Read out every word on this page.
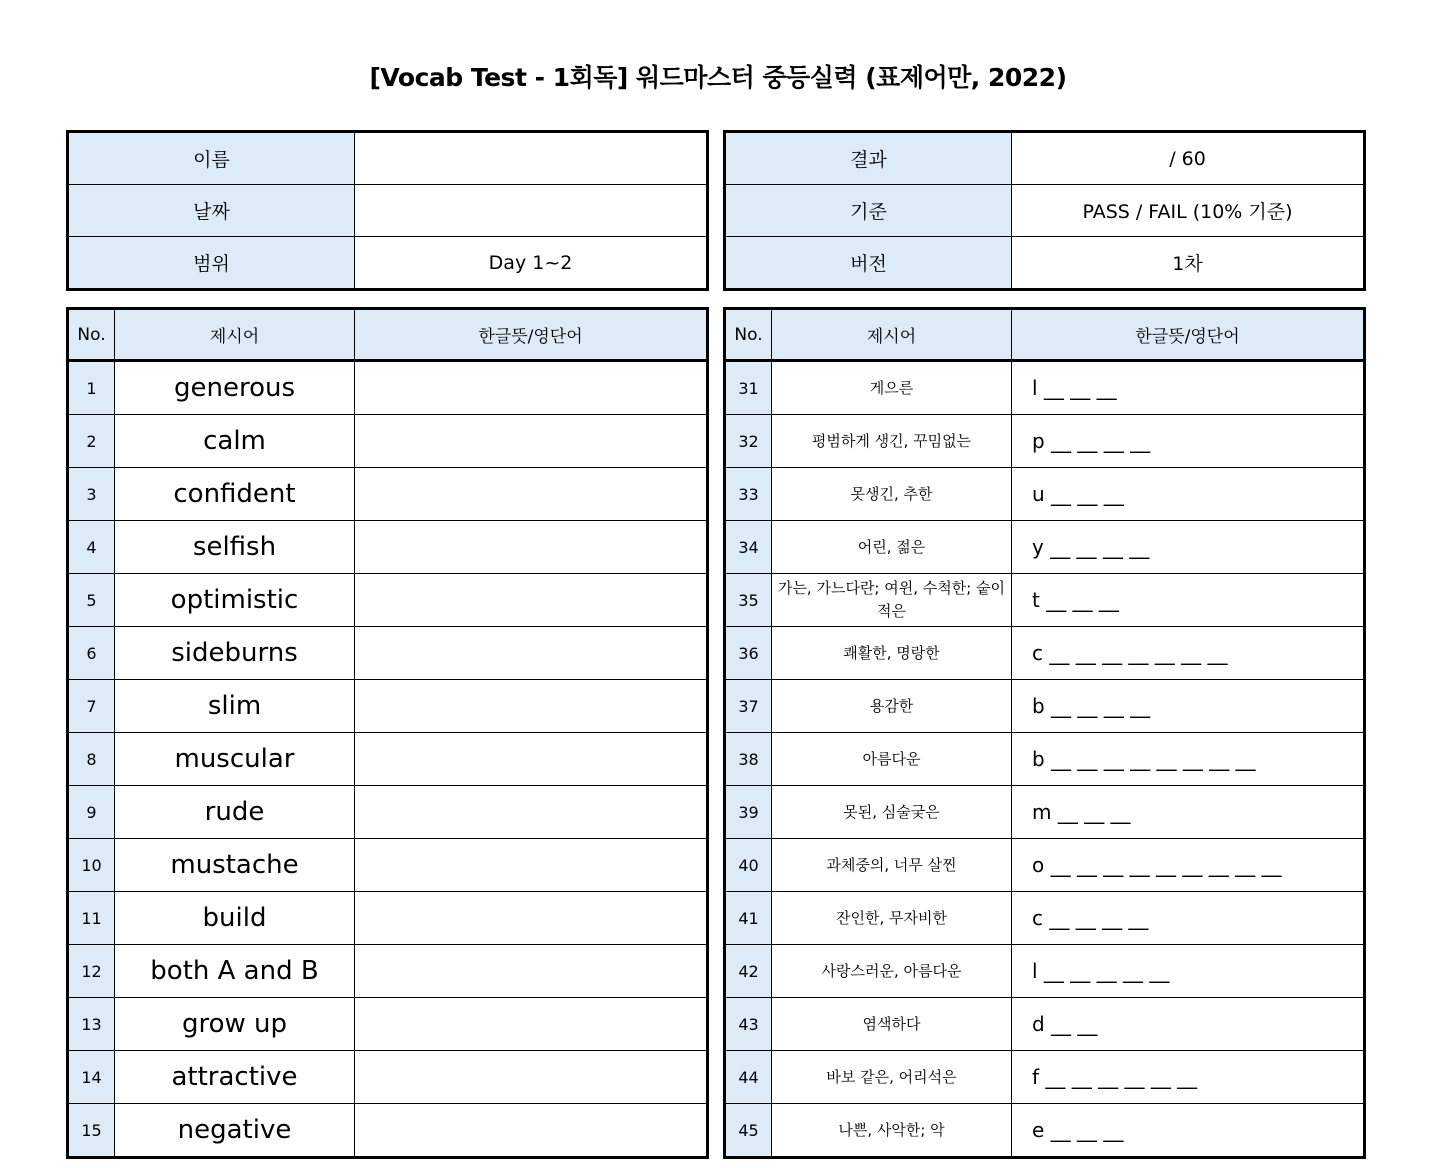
[Vocab Test - 1회독] 워드마스터 중등실력 (표제어만, 2022)
이름	
날짜	
범위	Day 1~2
결과	/ 60
기준	PASS / FAIL (10% 기준)
버전	1차
No.	제시어	한글뜻/영단어
1	generous	
2	calm	
3	confident	
4	selfish	
5	optimistic	
6	sideburns	
7	slim	
8	muscular	
9	rude	
10	mustache	
11	build	
12	both A and B	
13	grow up	
14	attractive	
15	negative	
No.	제시어	한글뜻/영단어
31	게으른	l __ __ __
32	평범하게 생긴, 꾸밈없는	p __ __ __ __
33	못생긴, 추한	u __ __ __
34	어린, 젊은	y __ __ __ __
35	가는, 가느다란; 여윈, 수척한; 숱이 적은	t __ __ __
36	쾌활한, 명랑한	c __ __ __ __ __ __ __
37	용감한	b __ __ __ __
38	아름다운	b __ __ __ __ __ __ __ __
39	못된, 심술궂은	m __ __ __
40	과체중의, 너무 살찐	o __ __ __ __ __ __ __ __ __
41	잔인한, 무자비한	c __ __ __ __
42	사랑스러운, 아름다운	l __ __ __ __ __
43	염색하다	d __ __
44	바보 같은, 어리석은	f __ __ __ __ __ __
45	나쁜, 사악한; 악	e __ __ __
